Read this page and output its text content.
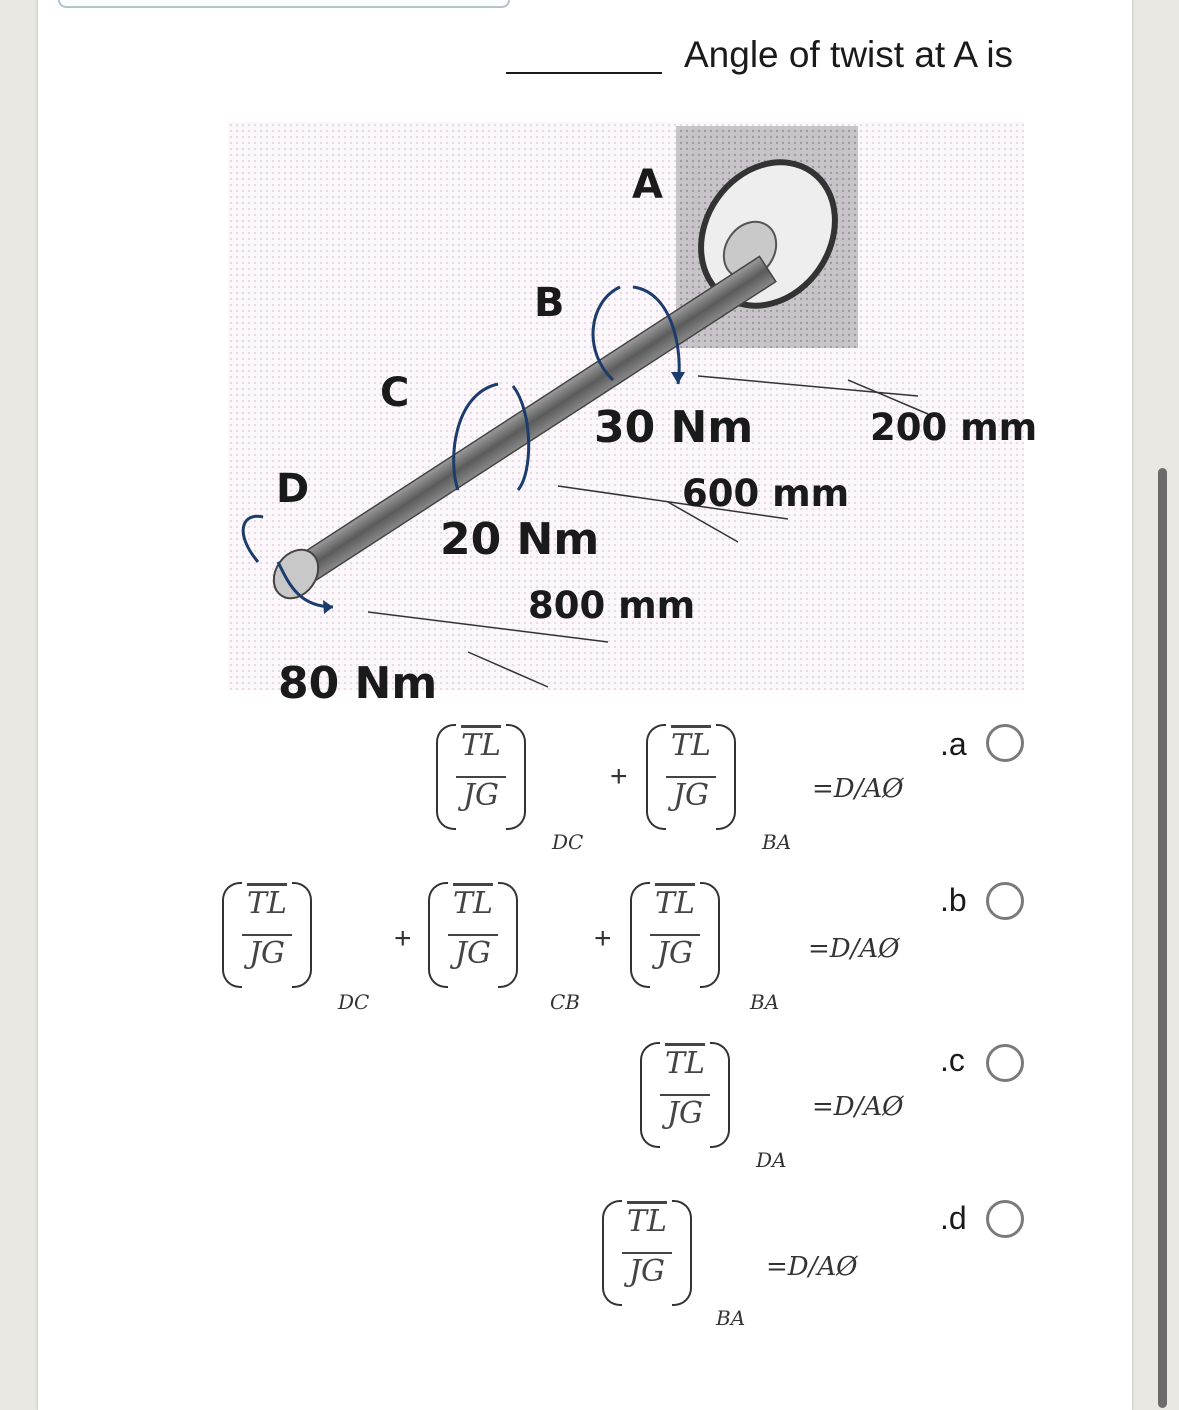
Angle of twist at A is
A
B
C
D
30 Nm
20 Nm
80 Nm
200 mm
600 mm
800 mm
$\overline{TL}$
JG
DC
+
$\overline{TL}$
JG
BA
=D/AØ
.a
$\overline{TL}$
JG
DC
+
$\overline{TL}$
JG
CB
+
$\overline{TL}$
JG
BA
=D/AØ
.b
$\overline{TL}$
JG
DA
=D/AØ
.c
$\overline{TL}$
JG
BA
=D/AØ
.d
